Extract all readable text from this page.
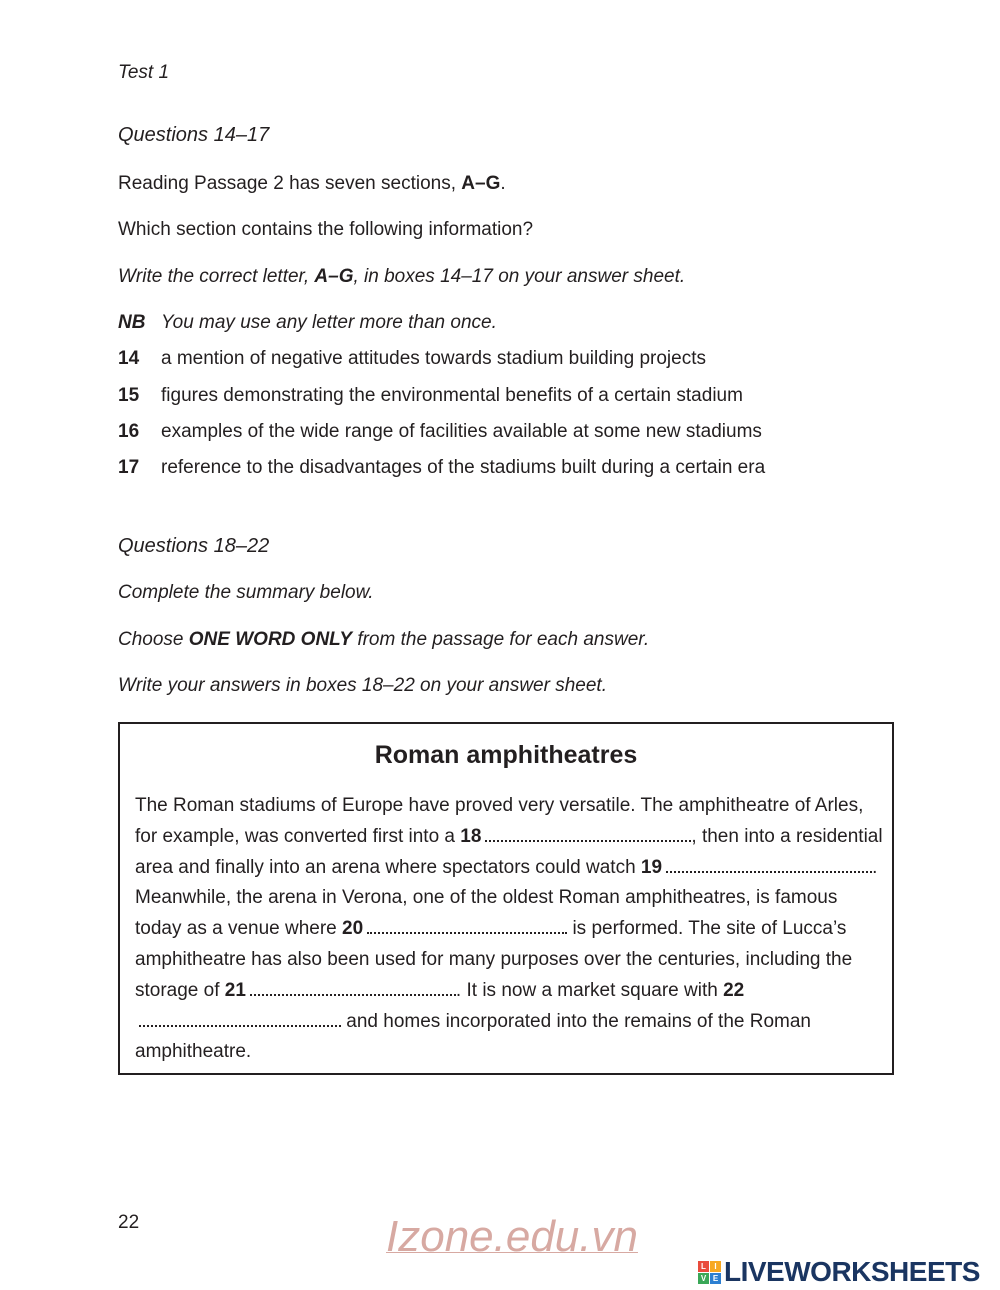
Test 1
Questions 14–17
Reading Passage 2 has seven sections, A–G.
Which section contains the following information?
Write the correct letter, A–G, in boxes 14–17 on your answer sheet.
NB You may use any letter more than once.
14	a mention of negative attitudes towards stadium building projects
15	figures demonstrating the environmental benefits of a certain stadium
16	examples of the wide range of facilities available at some new stadiums
17	reference to the disadvantages of the stadiums built during a certain era
Questions 18–22
Complete the summary below.
Choose ONE WORD ONLY from the passage for each answer.
Write your answers in boxes 18–22 on your answer sheet.
Roman amphitheatres
The Roman stadiums of Europe have proved very versatile. The amphitheatre of Arles, for example, was converted first into a 18	, then into a residential area and finally into an arena where spectators could watch 19	. Meanwhile, the arena in Verona, one of the oldest Roman amphitheatres, is famous today as a venue where 20	is performed. The site of Lucca’s amphitheatre has also been used for many purposes over the centuries, including the storage of 21	. It is now a market square with 22 and homes incorporated into the remains of the Roman amphitheatre.
22	Izone.edu.vn
L	I
V E LIVEWORKSHEETS
